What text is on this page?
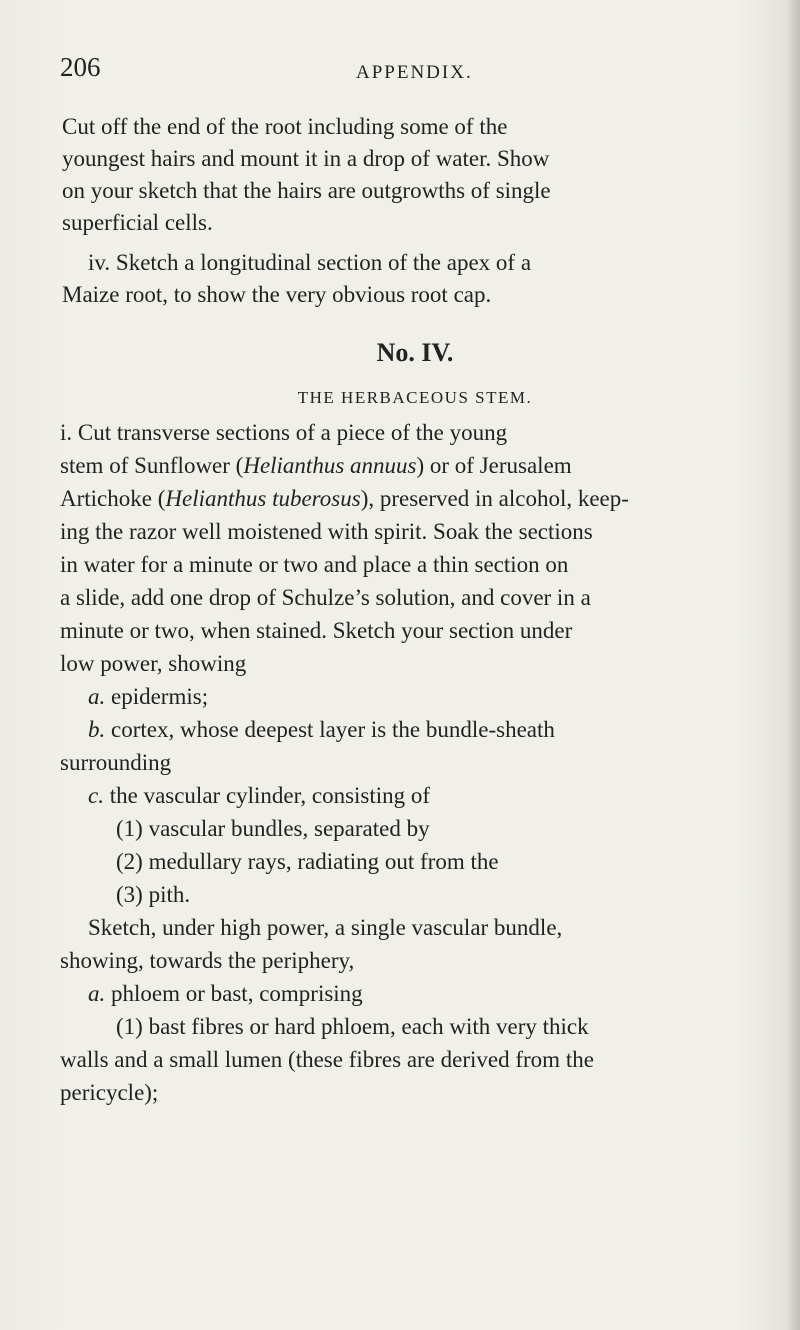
206	APPENDIX.
Cut off the end of the root including some of the
youngest hairs and mount it in a drop of water. Show
on your sketch that the hairs are outgrowths of single
superficial cells.
iv. Sketch a longitudinal section of the apex of a
Maize root, to show the very obvious root cap.
No. IV.
THE HERBACEOUS STEM.
i. Cut transverse sections of a piece of the young
stem of Sunflower (Helianthus annuus) or of Jerusalem
Artichoke (Helianthus tuberosus), preserved in alcohol, keep-
ing the razor well moistened with spirit. Soak the sections
in water for a minute or two and place a thin section on
a slide, add one drop of Schulze’s solution, and cover in a
minute or two, when stained. Sketch your section under
low power, showing
a. epidermis;
b. cortex, whose deepest layer is the bundle-sheath
surrounding
c. the vascular cylinder, consisting of
(1) vascular bundles, separated by
(2) medullary rays, radiating out from the
(3) pith.
Sketch, under high power, a single vascular bundle,
showing, towards the periphery,
a. phloem or bast, comprising
(1) bast fibres or hard phloem, each with very thick
walls and a small lumen (these fibres are derived from the
pericycle);
